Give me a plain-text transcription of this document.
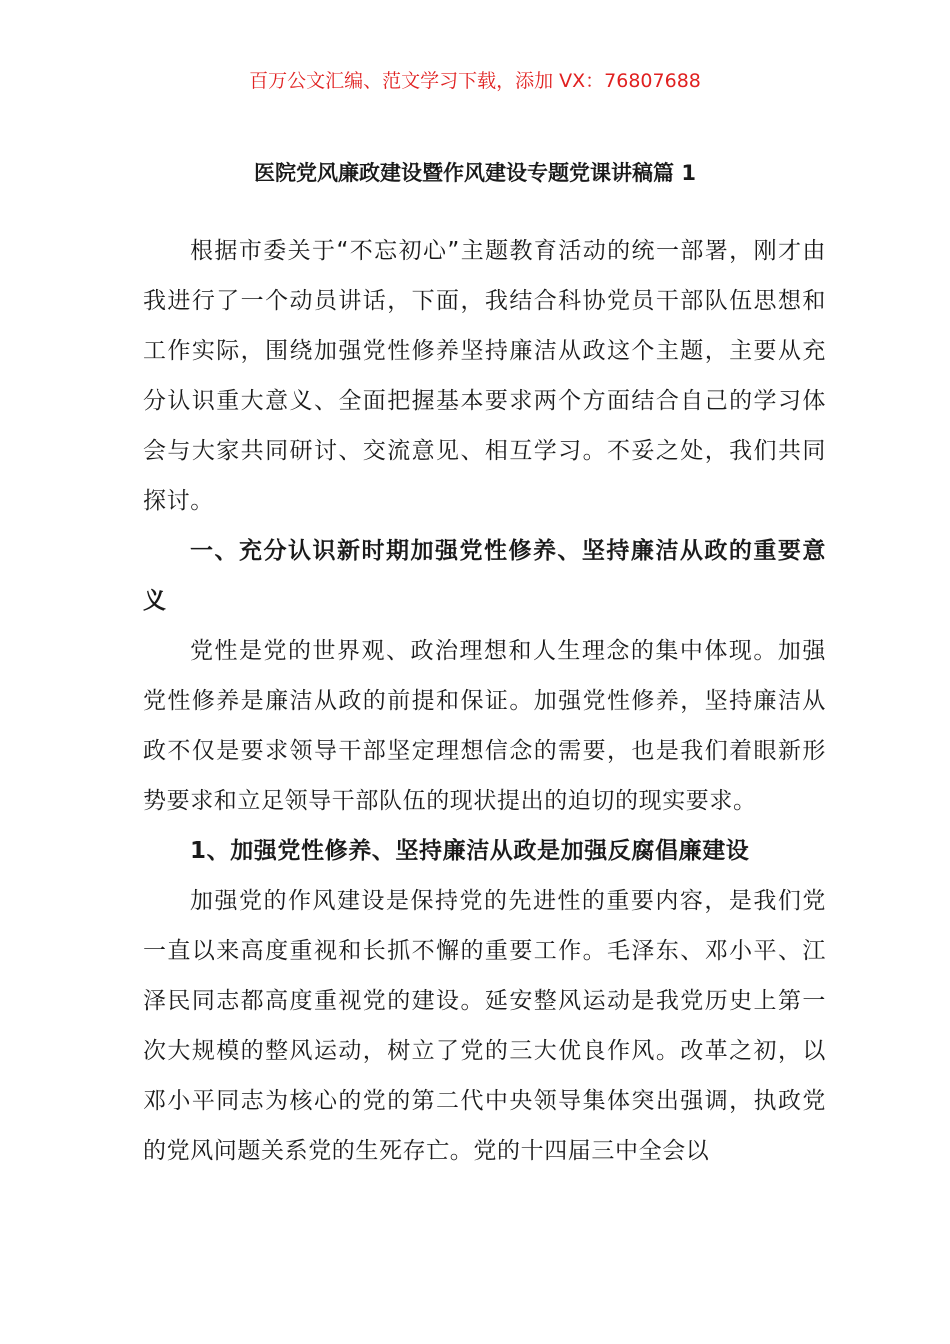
百万公文汇编、范文学习下载，添加 VX：76807688
医院党风廉政建设暨作风建设专题党课讲稿篇 1

根据市委关于“不忘初心”主题教育活动的统一部署，刚才由我进行了一个动员讲话，下面，我结合科协党员干部队伍思想和工作实际，围绕加强党性修养坚持廉洁从政这个主题，主要从充分认识重大意义、全面把握基本要求两个方面结合自己的学习体会与大家共同研讨、交流意见、相互学习。不妥之处，我们共同探讨。

一、充分认识新时期加强党性修养、坚持廉洁从政的重要意义

党性是党的世界观、政治理想和人生理念的集中体现。加强党性修养是廉洁从政的前提和保证。加强党性修养，坚持廉洁从政不仅是要求领导干部坚定理想信念的需要，也是我们着眼新形势要求和立足领导干部队伍的现状提出的迫切的现实要求。

1、加强党性修养、坚持廉洁从政是加强反腐倡廉建设

加强党的作风建设是保持党的先进性的重要内容，是我们党一直以来高度重视和长抓不懈的重要工作。毛泽东、邓小平、江泽民同志都高度重视党的建设。延安整风运动是我党历史上第一次大规模的整风运动，树立了党的三大优良作风。改革之初，以邓小平同志为核心的党的第二代中央领导集体突出强调，执政党的党风问题关系党的生死存亡。党的十四届三中全会以
